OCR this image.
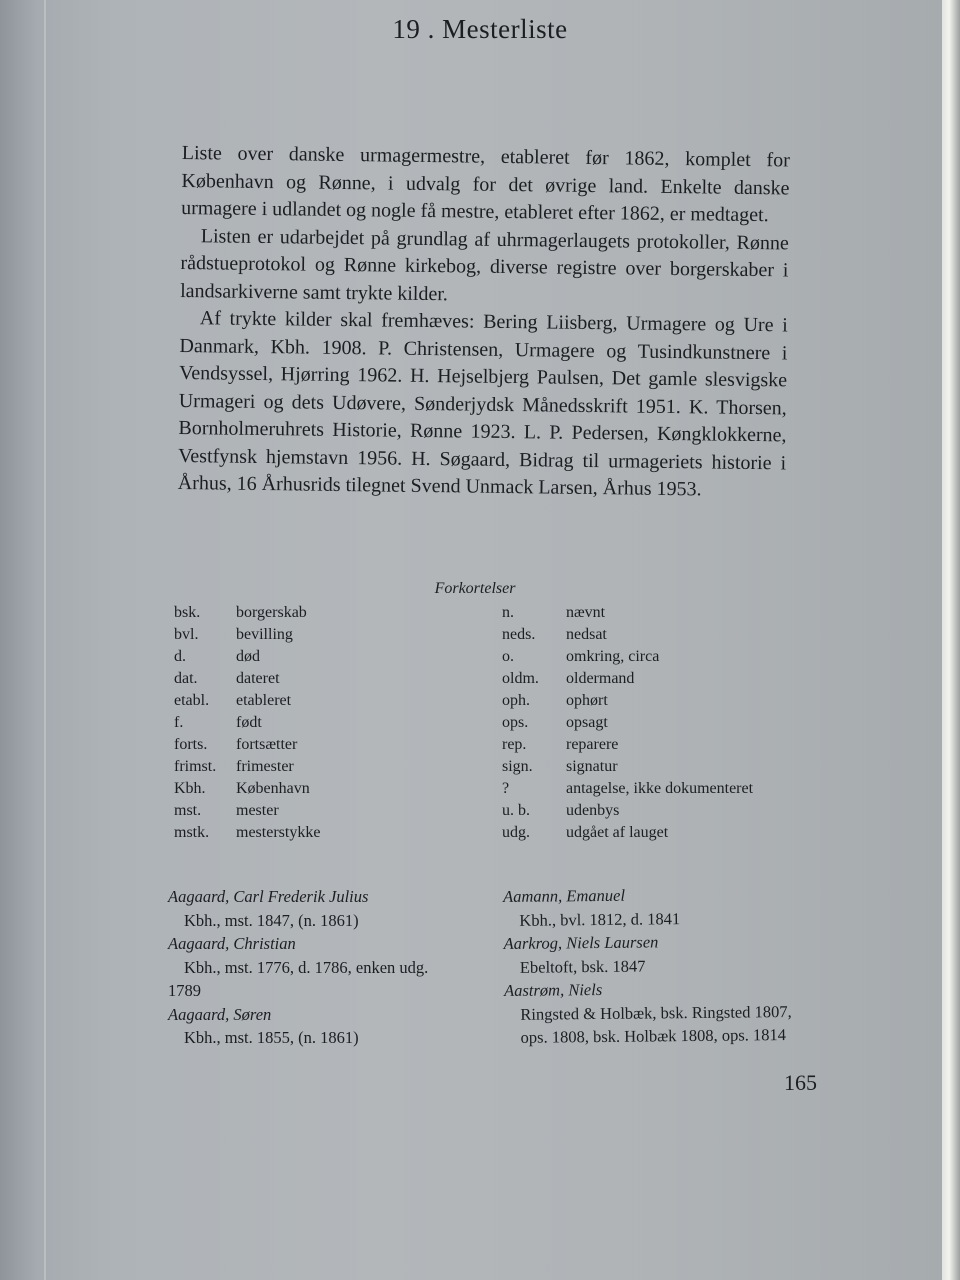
19 . Mesterliste

Liste over danske urmagermestre, etableret før 1862, komplet for København og Rønne, i udvalg for det øvrige land. Enkelte danske urmagere i udlandet og nogle få mestre, etableret efter 1862, er medtaget.

Listen er udarbejdet på grundlag af uhrmagerlaugets protokoller, Rønne rådstueprotokol og Rønne kirkebog, diverse registre over borgerskaber i landsarkiverne samt trykte kilder.

Af trykte kilder skal fremhæves: Bering Liisberg, Urmagere og Ure i Danmark, Kbh. 1908. P. Christensen, Urmagere og Tusindkunstnere i Vendsyssel, Hjørring 1962. H. Hejselbjerg Paulsen, Det gamle slesvigske Urmageri og dets Udøvere, Sønderjydsk Månedsskrift 1951. K. Thorsen, Bornholmeruhrets Historie, Rønne 1923. L. P. Pedersen, Køngklokkerne, Vestfynsk hjemstavn 1956. H. Søgaard, Bidrag til urmageriets historie i Århus, 16 Århusrids tilegnet Svend Unmack Larsen, Århus 1953.

Forkortelser
bsk.	borgerskab
bvl.	bevilling
d.	død
dat.	dateret
etabl.	etableret
f.	født
forts.	fortsætter
frimst.	frimester
Kbh.	København
mst.	mester
mstk.	mesterstykke
n.	nævnt
neds.	nedsat
o.	omkring, circa
oldm.	oldermand
oph.	ophørt
ops.	opsagt
rep.	reparere
sign.	signatur
?	antagelse, ikke dokumenteret
u. b.	udenbys
udg.	udgået af lauget
Aagaard, Carl Frederik Julius
Kbh., mst. 1847, (n. 1861)
Aagaard, Christian
Kbh., mst. 1776, d. 1786, enken udg.
1789
Aagaard, Søren
Kbh., mst. 1855, (n. 1861)
Aamann, Emanuel
Kbh., bvl. 1812, d. 1841
Aarkrog, Niels Laursen
Ebeltoft, bsk. 1847
Aastrøm, Niels
Ringsted & Holbæk, bsk. Ringsted 1807,
ops. 1808, bsk. Holbæk 1808, ops. 1814
165
